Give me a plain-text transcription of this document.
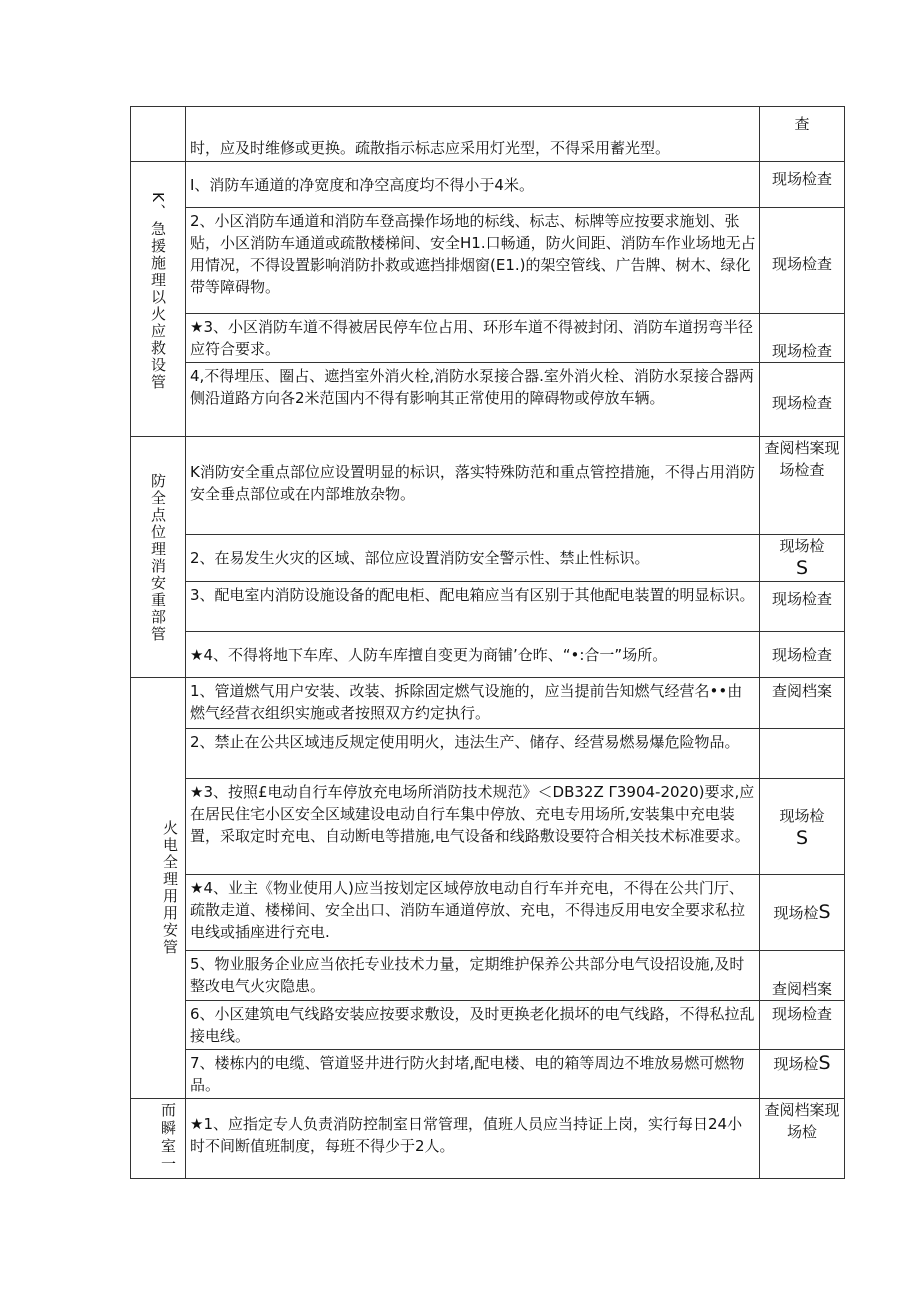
	时，应及时维修或更换。疏散指示标志应采用灯光型，不得采用蓄光型。	查

K、急援施理以火应救设管	I、消防车通道的净宽度和净空高度均不得小于4米。	现场检查

	2、小区消防车通道和消防车登高操作场地的标线、标志、标牌等应按要求施划、张贴，小区消防车通道或疏散楼梯间、安全H1.口畅通，防火间距、消防车作业场地无占用情况，不得设置影响消防扑救或遮挡排烟窗(E1.)的架空管线、广告牌、树木、绿化带等障碍物。	现场检查

	★3、小区消防车道不得被居民停车位占用、环形车道不得被封闭、消防车道拐弯半径应符合要求。	现场检查

	4,不得埋压、圈占、遮挡室外消火栓,消防水泵接合器.室外消火栓、消防水泵接合器两侧沿道路方向各2米范国内不得有影响其正常使用的障碍物或停放车辆。	现场检查

防全点位理消安重部管	K消防安全重点部位应设置明显的标识，落实特殊防范和重点管控措施，不得占用消防安全垂点部位或在内部堆放杂物。	查阅档案现场检查

	2、在易发生火灾的区域、部位应设置消防安全警示性、禁止性标识。	现场检
S

	3、配电室内消防设施设备的配电柜、配电箱应当有区别于其他配电装置的明显标识。	现场检查

	★4、不得将地下车库、人防车库擅自变更为商铺’仓昨、“•:合一”场所。	现场检查

火电全理用用安管	1、管道燃气用户安装、改装、拆除固定燃气设施的，应当提前告知燃气经营名••由燃气经营衣组织实施或者按照双方约定执行。	查阅档案

	2、禁止在公共区域违反规定使用明火，违法生产、储存、经营易燃易爆危险物品。	

	★3、按照£电动自行车停放充电场所消防技术规范》＜DB32Z Γ3904-2020)要求,应在居民住宅小区安全区域建设电动自行车集中停放、充电专用场所,安装集中充电装置，采取定时充电、自动断电等措施,电气设备和线路敷设要符合相关技术标准要求。	现场检
S

	★4、业主《物业使用人)应当按划定区域停放电动自行车并充电，不得在公共门厅、疏散走道、楼梯间、安全出口、消防车通道停放、充电，不得违反用电安全要求私拉电线或插座进行充电.	现场检S

	5、物业服务企业应当依托专业技术力量，定期维护保养公共部分电气设招设施,及时整改电气火灾隐患。	查阅档案

	6、小区建筑电气线路安装应按要求敷设，及时更换老化损坏的电气线路，不得私拉乱接电线。	现场检查

	7、楼栋内的电缆、管道竖井进行防火封堵,配电楼、电的箱等周边不堆放易燃可燃物品。	现场检S

而瞬室一	★1、应指定专人负责消防控制室日常管理，值班人员应当持证上岗，实行每日24小时不间断值班制度，每班不得少于2人。	查阅档案现场检
